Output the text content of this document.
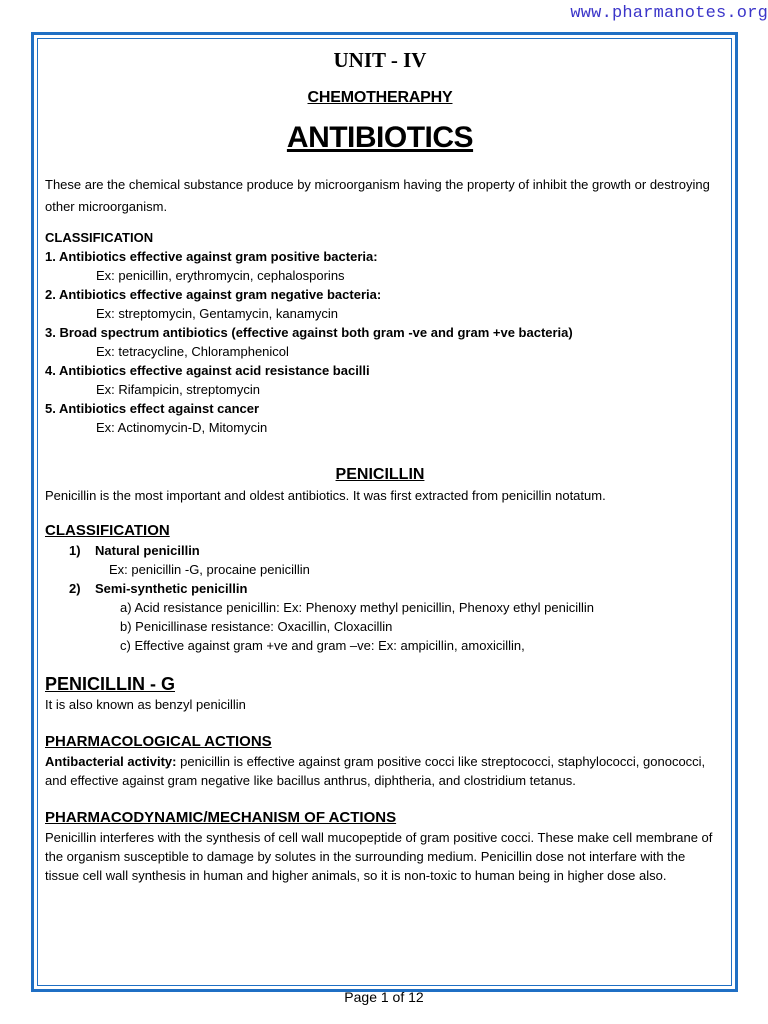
www.pharmanotes.org
UNIT - IV
CHEMOTHERAPHY
ANTIBIOTICS
These are the chemical substance produce by microorganism having the property of inhibit the growth or destroying other microorganism.
CLASSIFICATION
1. Antibiotics effective against gram positive bacteria:
Ex: penicillin, erythromycin, cephalosporins
2. Antibiotics effective against gram negative bacteria:
Ex: streptomycin, Gentamycin, kanamycin
3. Broad spectrum antibiotics (effective against both gram -ve and gram +ve bacteria)
Ex: tetracycline, Chloramphenicol
4. Antibiotics effective against acid resistance bacilli
Ex: Rifampicin, streptomycin
5. Antibiotics effect against cancer
Ex: Actinomycin-D, Mitomycin
PENICILLIN
Penicillin is the most important and oldest antibiotics. It was first extracted from penicillin notatum.
CLASSIFICATION
1) Natural penicillin
Ex: penicillin -G, procaine penicillin
2) Semi-synthetic penicillin
a) Acid resistance penicillin: Ex: Phenoxy methyl penicillin, Phenoxy ethyl penicillin
b) Penicillinase resistance: Oxacillin, Cloxacillin
c) Effective against gram +ve and gram –ve: Ex: ampicillin, amoxicillin,
PENICILLIN - G
It is also known as benzyl penicillin
PHARMACOLOGICAL ACTIONS
Antibacterial activity: penicillin is effective against gram positive cocci like streptococci, staphylococci, gonococci, and effective against gram negative like bacillus anthrus, diphtheria, and clostridium tetanus.
PHARMACODYNAMIC/MECHANISM OF ACTIONS
Penicillin interferes with the synthesis of cell wall mucopeptide of gram positive cocci. These make cell membrane of the organism susceptible to damage by solutes in the surrounding medium. Penicillin dose not interfare with the tissue cell wall synthesis in human and higher animals, so it is non-toxic to human being in higher dose also.
Page 1 of 12
